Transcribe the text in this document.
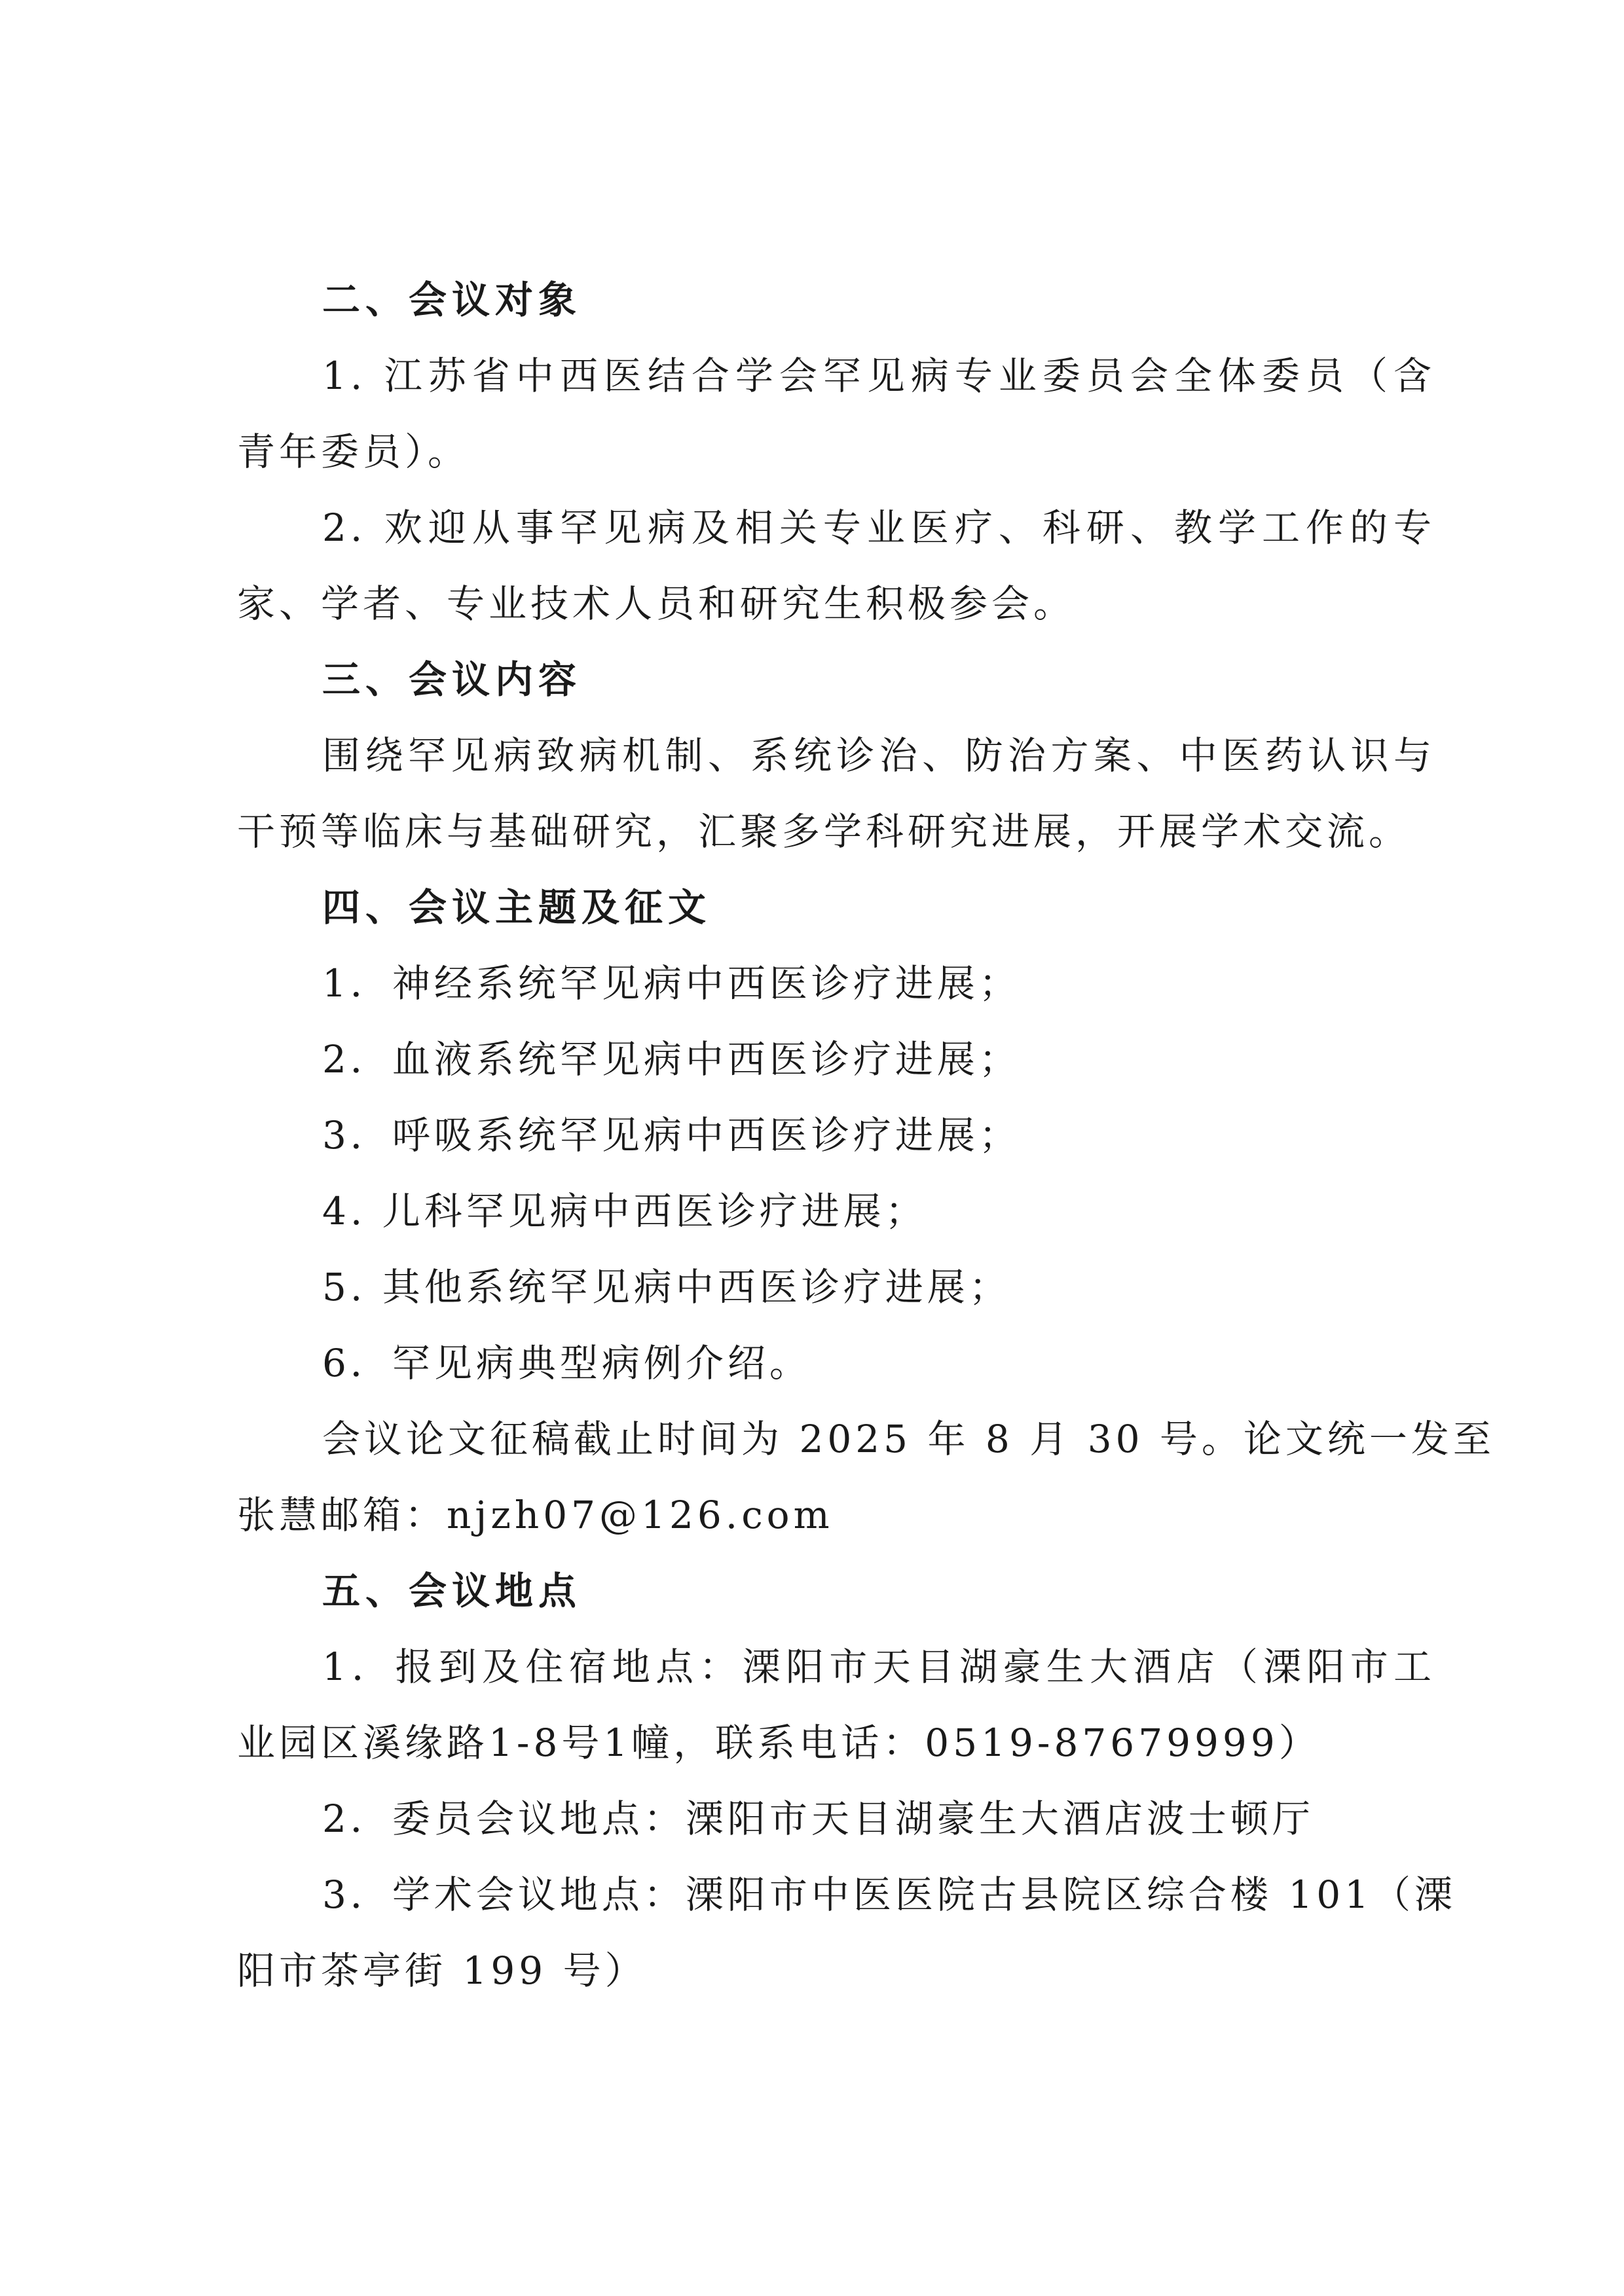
二、会议对象
1. 江苏省中西医结合学会罕见病专业委员会全体委员（含
青年委员）。
2. 欢迎从事罕见病及相关专业医疗、科研、教学工作的专
家、学者、专业技术人员和研究生积极参会。
三、会议内容
围绕罕见病致病机制、系统诊治、防治方案、中医药认识与
干预等临床与基础研究，汇聚多学科研究进展，开展学术交流。
四、会议主题及征文
1．神经系统罕见病中西医诊疗进展；
2．血液系统罕见病中西医诊疗进展；
3．呼吸系统罕见病中西医诊疗进展；
4. 儿科罕见病中西医诊疗进展；
5. 其他系统罕见病中西医诊疗进展；
6．罕见病典型病例介绍。
会议论文征稿截止时间为 2025 年 8 月 30 号。论文统一发至
张慧邮箱：njzh07@126.com
五、会议地点
1．报到及住宿地点：溧阳市天目湖豪生大酒店（溧阳市工
业园区溪缘路1-8号1幢，联系电话：0519-87679999）
2．委员会议地点：溧阳市天目湖豪生大酒店波士顿厅
3．学术会议地点：溧阳市中医医院古县院区综合楼 101（溧
阳市茶亭街 199 号）
